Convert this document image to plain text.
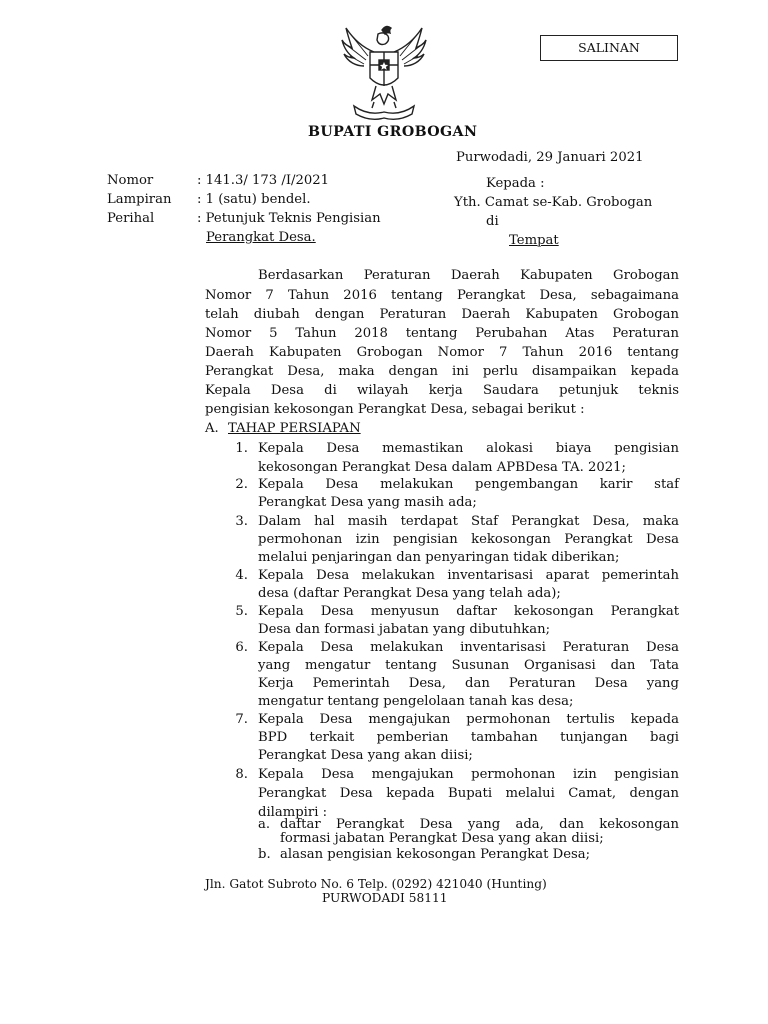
SALINAN
BUPATI GROBOGAN
Purwodadi, 29 Januari 2021
Nomor	: 141.3/ 173 /I/2021
Lampiran : 1 (satu) bendel.
Perihal	: Petunjuk Teknis Pengisian
Perangkat Desa.
Kepada :
Yth. Camat se-Kab. Grobogan
di
Tempat
Berdasarkan Peraturan Daerah Kabupaten Grobogan
Nomor 7 Tahun 2016 tentang Perangkat Desa, sebagaimana
telah diubah dengan Peraturan Daerah Kabupaten Grobogan
Nomor 5 Tahun 2018 tentang Perubahan Atas Peraturan
Daerah Kabupaten Grobogan Nomor 7 Tahun 2016 tentang
Perangkat Desa, maka dengan ini perlu disampaikan kepada
Kepala Desa di wilayah kerja Saudara petunjuk teknis
pengisian kekosongan Perangkat Desa, sebagai berikut :
A. TAHAP PERSIAPAN
1. Kepala Desa memastikan alokasi biaya pengisian
kekosongan Perangkat Desa dalam APBDesa TA. 2021;
2. Kepala Desa melakukan pengembangan karir staf
Perangkat Desa yang masih ada;
3. Dalam hal masih terdapat Staf Perangkat Desa, maka
permohonan izin pengisian kekosongan Perangkat Desa
melalui penjaringan dan penyaringan tidak diberikan;
4. Kepala Desa melakukan inventarisasi aparat pemerintah
desa (daftar Perangkat Desa yang telah ada);
5. Kepala Desa menyusun daftar kekosongan Perangkat
Desa dan formasi jabatan yang dibutuhkan;
6. Kepala Desa melakukan inventarisasi Peraturan Desa
yang mengatur tentang Susunan Organisasi dan Tata
Kerja Pemerintah Desa, dan Peraturan Desa yang
mengatur tentang pengelolaan tanah kas desa;
7. Kepala Desa mengajukan permohonan tertulis kepada
BPD terkait pemberian tambahan tunjangan bagi
Perangkat Desa yang akan diisi;
8. Kepala Desa mengajukan permohonan izin pengisian
Perangkat Desa kepada Bupati melalui Camat, dengan
dilampiri :
a. daftar Perangkat Desa yang ada, dan kekosongan
formasi jabatan Perangkat Desa yang akan diisi;
b. alasan pengisian kekosongan Perangkat Desa;
Jln. Gatot Subroto No. 6 Telp. (0292) 421040 (Hunting)
PURWODADI 58111
